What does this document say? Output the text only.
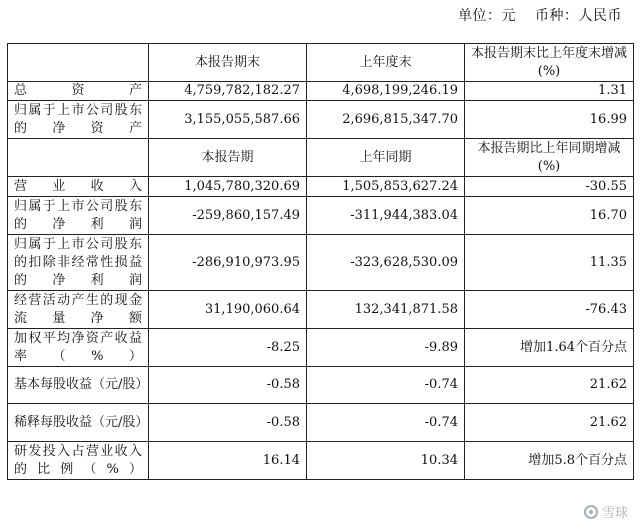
单位：元 币种：人民币
	本报告期末	上年度末	本报告期末比上年度末增减(%)
总资产	4,759,782,182.27	4,698,199,246.19	1.31
归属于上市公司股东的净资产	3,155,055,587.66	2,696,815,347.70	16.99
	本报告期	上年同期	本报告期比上年同期增减(%)
营业收入	1,045,780,320.69	1,505,853,627.24	-30.55
归属于上市公司股东的净利润	-259,860,157.49	-311,944,383.04	16.70
归属于上市公司股东的扣除非经常性损益的净利润	-286,910,973.95	-323,628,530.09	11.35
经营活动产生的现金流量净额	31,190,060.64	132,341,871.58	-76.43
加权平均净资产收益率（%）	-8.25	-9.89	增加1.64个百分点
基本每股收益（元/股）	-0.58	-0.74	21.62
稀释每股收益（元/股）	-0.58	-0.74	21.62
研发投入占营业收入的比例（%）	16.14	10.34	增加5.8个百分点
雪球
